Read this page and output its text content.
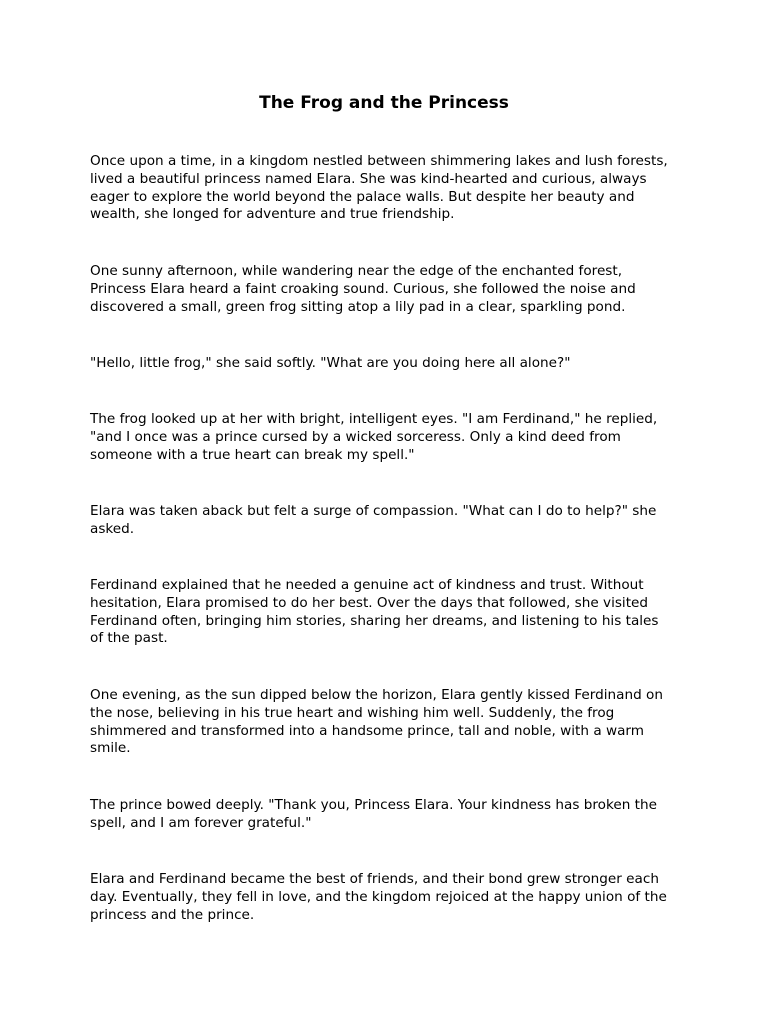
The Frog and the Princess

Once upon a time, in a kingdom nestled between shimmering lakes and lush forests,
lived a beautiful princess named Elara. She was kind-hearted and curious, always
eager to explore the world beyond the palace walls. But despite her beauty and
wealth, she longed for adventure and true friendship.

One sunny afternoon, while wandering near the edge of the enchanted forest,
Princess Elara heard a faint croaking sound. Curious, she followed the noise and
discovered a small, green frog sitting atop a lily pad in a clear, sparkling pond.

"Hello, little frog," she said softly. "What are you doing here all alone?"

The frog looked up at her with bright, intelligent eyes. "I am Ferdinand," he replied,
"and I once was a prince cursed by a wicked sorceress. Only a kind deed from
someone with a true heart can break my spell."

Elara was taken aback but felt a surge of compassion. "What can I do to help?" she
asked.

Ferdinand explained that he needed a genuine act of kindness and trust. Without
hesitation, Elara promised to do her best. Over the days that followed, she visited
Ferdinand often, bringing him stories, sharing her dreams, and listening to his tales
of the past.

One evening, as the sun dipped below the horizon, Elara gently kissed Ferdinand on
the nose, believing in his true heart and wishing him well. Suddenly, the frog
shimmered and transformed into a handsome prince, tall and noble, with a warm
smile.

The prince bowed deeply. "Thank you, Princess Elara. Your kindness has broken the
spell, and I am forever grateful."

Elara and Ferdinand became the best of friends, and their bond grew stronger each
day. Eventually, they fell in love, and the kingdom rejoiced at the happy union of the
princess and the prince.
